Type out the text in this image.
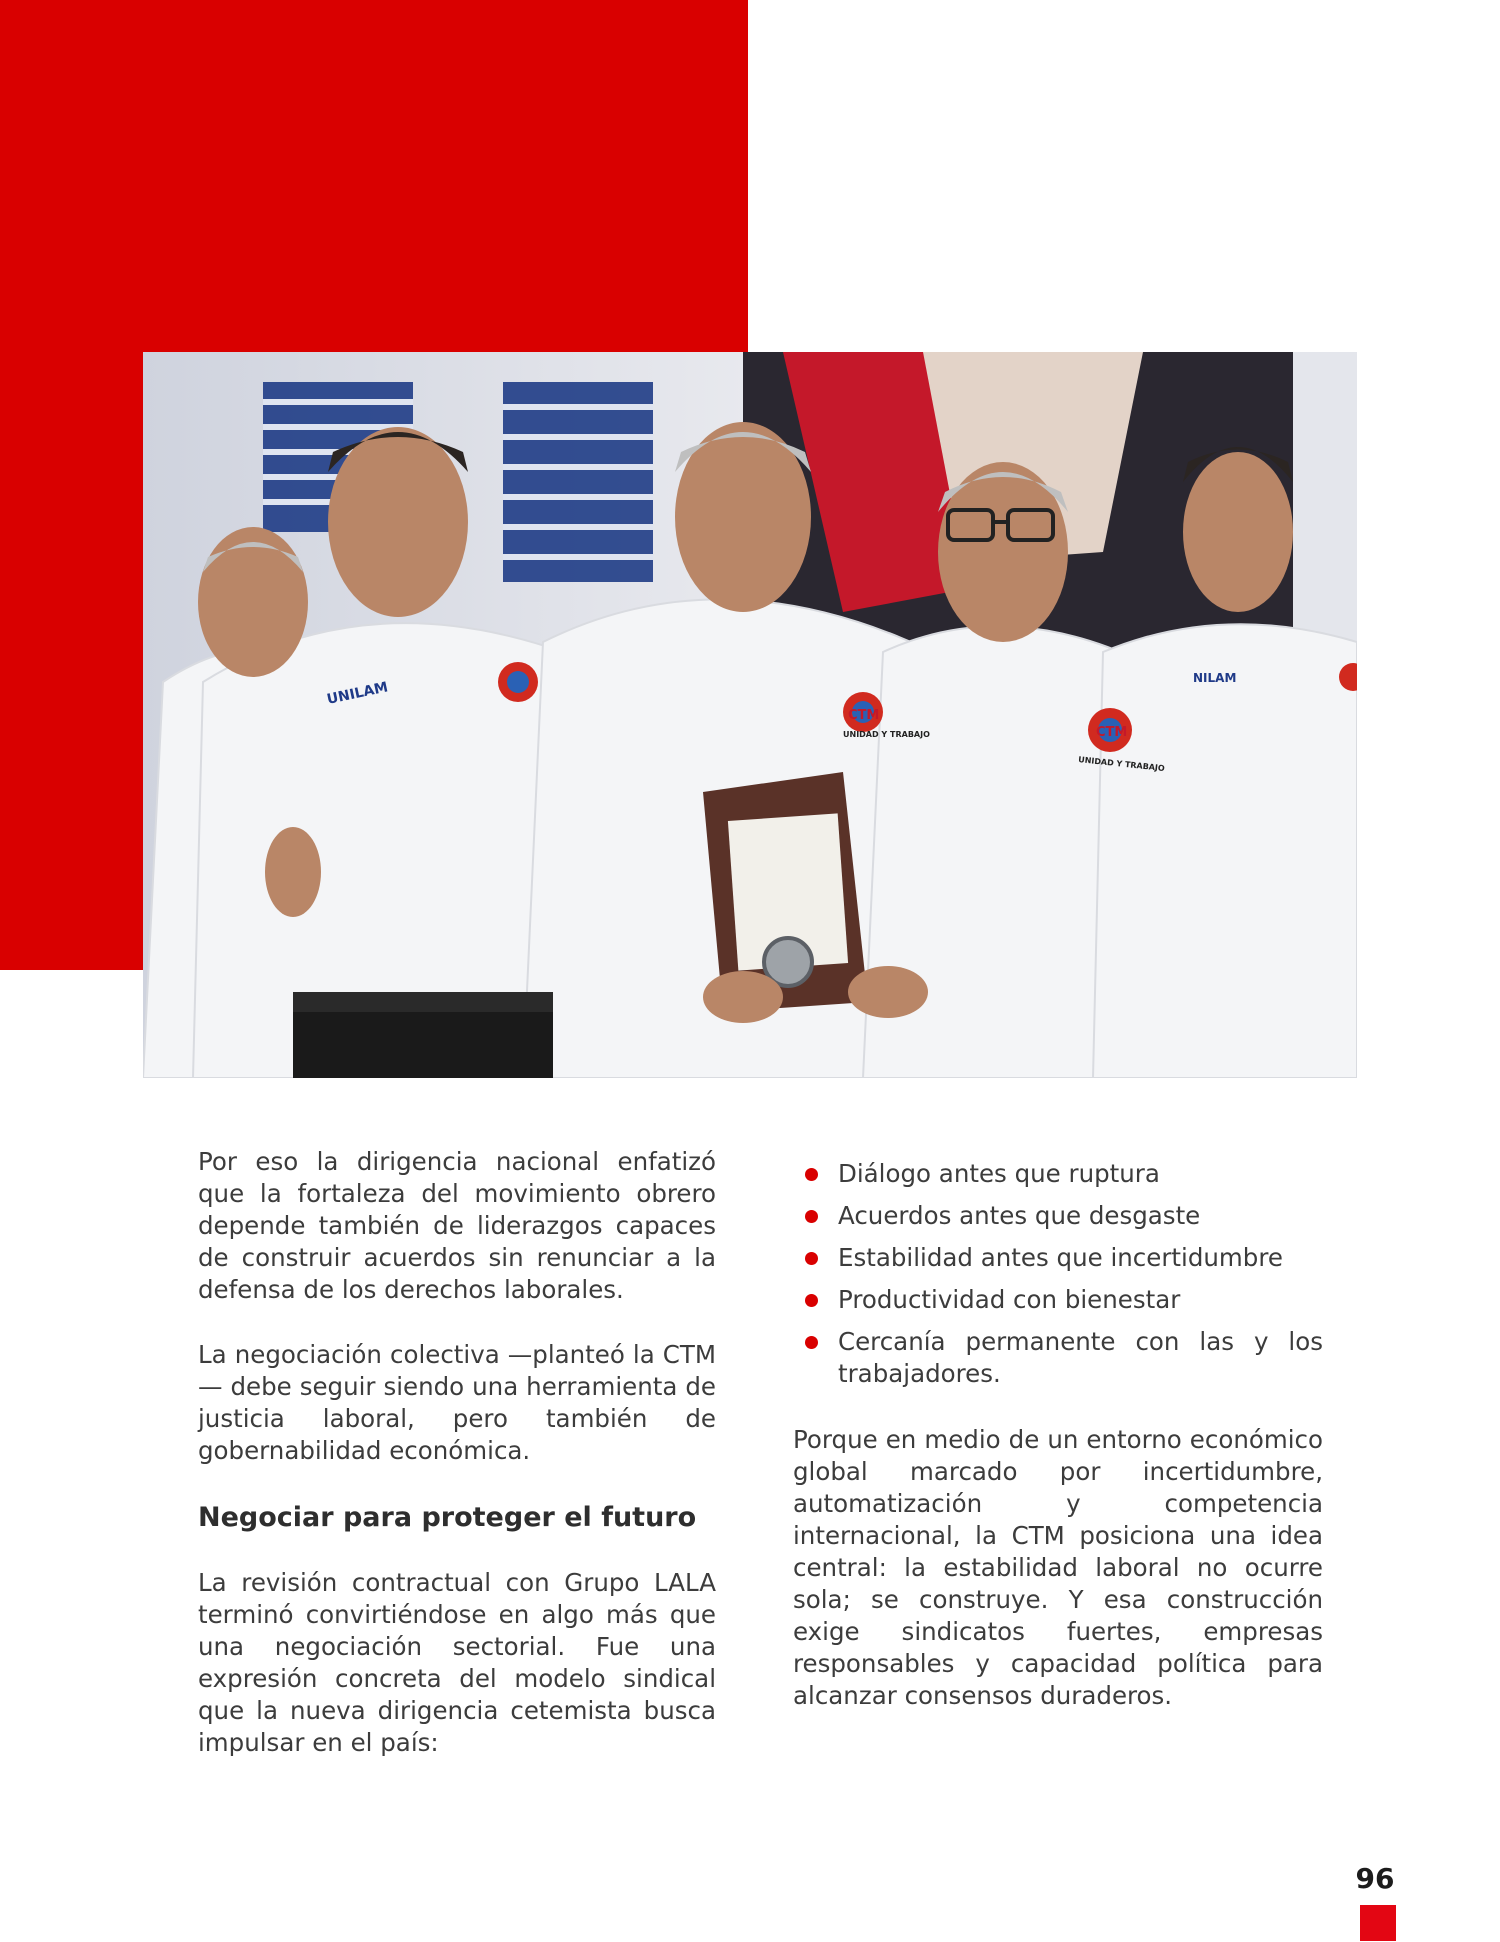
UNILAM
CTM
UNIDAD Y TRABAJO
UNIDAD Y TRABAJO
CTM
NILAM

Por eso la dirigencia nacional enfatizó que la fortaleza del movimiento obrero depende también de liderazgos capaces de construir acuerdos sin renunciar a la defensa de los derechos laborales.

La negociación colectiva —planteó la CTM— debe seguir siendo una herramienta de justicia laboral, pero también de gobernabilidad económica.

Negociar para proteger el futuro

La revisión contractual con Grupo LALA terminó convirtiéndose en algo más que una negociación sectorial. Fue una expresión concreta del modelo sindical que la nueva dirigencia cetemista busca impulsar en el país:

Diálogo antes que ruptura
Acuerdos antes que desgaste
Estabilidad antes que incertidumbre
Productividad con bienestar
Cercanía permanente con las y los trabajadores.

Porque en medio de un entorno económico global marcado por incertidumbre, automatización y competencia internacional, la CTM posiciona una idea central: la estabilidad laboral no ocurre sola; se construye. Y esa construcción exige sindicatos fuertes, empresas responsables y capacidad política para alcanzar consensos duraderos.

96
